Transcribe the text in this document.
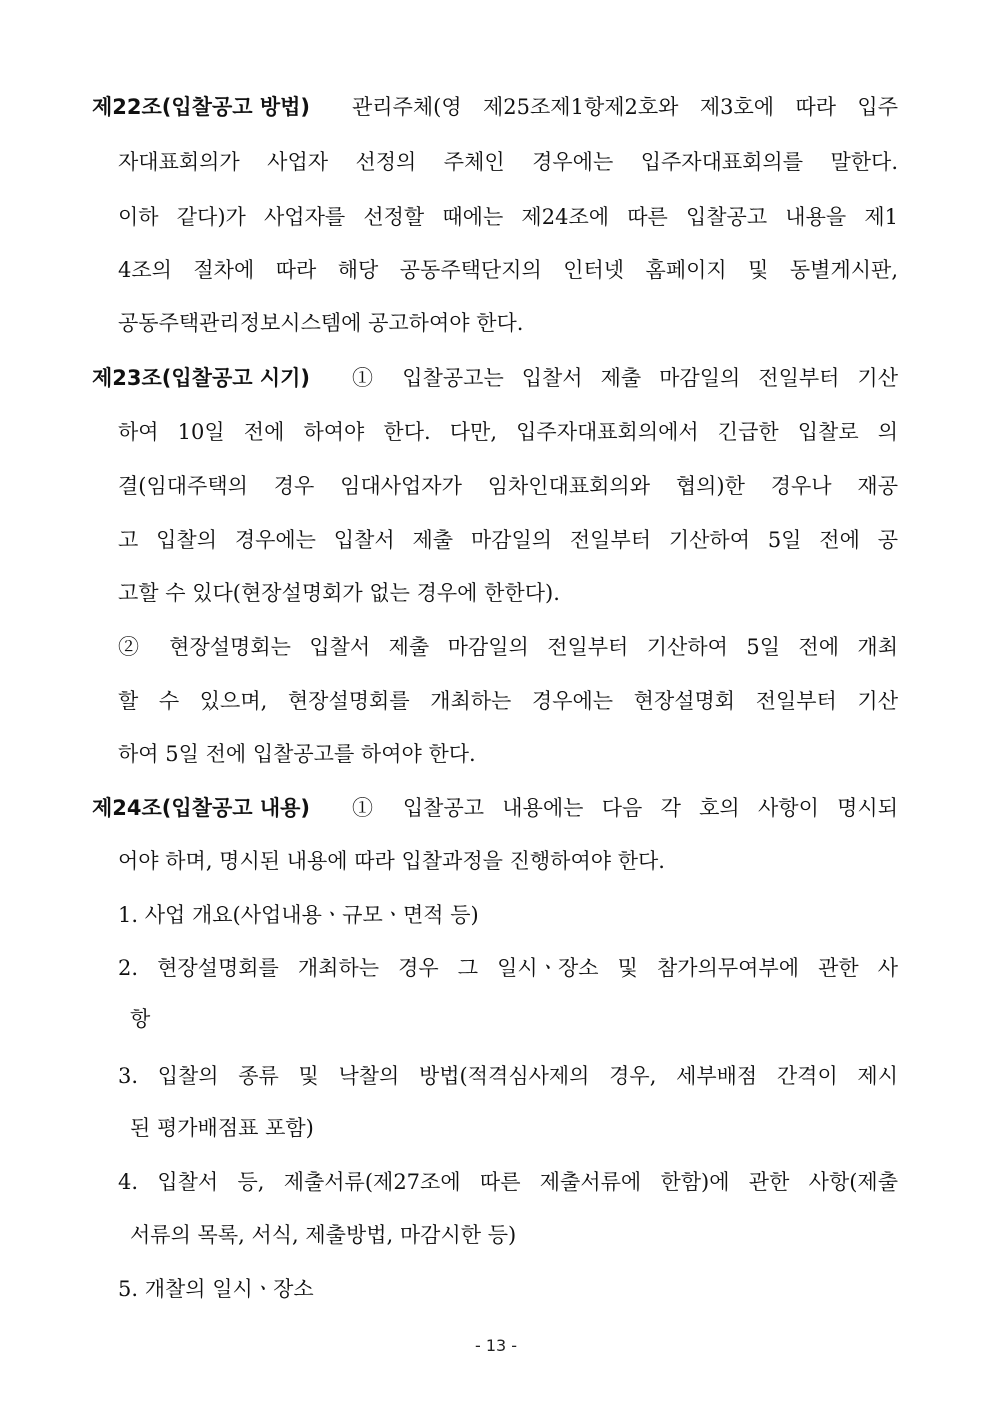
제22조(입찰공고 방법) 관리주체(영 제25조제1항제2호와 제3호에 따라 입주
자대표회의가 사업자 선정의 주체인 경우에는 입주자대표회의를 말한다.
이하 같다)가 사업자를 선정할 때에는 제24조에 따른 입찰공고 내용을 제1
4조의 절차에 따라 해당 공동주택단지의 인터넷 홈페이지 및 동별게시판,
공동주택관리정보시스템에 공고하여야 한다.
제23조(입찰공고 시기) ① 입찰공고는 입찰서 제출 마감일의 전일부터 기산
하여 10일 전에 하여야 한다. 다만, 입주자대표회의에서 긴급한 입찰로 의
결(임대주택의 경우 임대사업자가 임차인대표회의와 협의)한 경우나 재공
고 입찰의 경우에는 입찰서 제출 마감일의 전일부터 기산하여 5일 전에 공
고할 수 있다(현장설명회가 없는 경우에 한한다).
② 현장설명회는 입찰서 제출 마감일의 전일부터 기산하여 5일 전에 개최
할 수 있으며, 현장설명회를 개최하는 경우에는 현장설명회 전일부터 기산
하여 5일 전에 입찰공고를 하여야 한다.
제24조(입찰공고 내용) ① 입찰공고 내용에는 다음 각 호의 사항이 명시되
어야 하며, 명시된 내용에 따라 입찰과정을 진행하여야 한다.
1. 사업 개요(사업내용ㆍ규모ㆍ면적 등)
2. 현장설명회를 개최하는 경우 그 일시ㆍ장소 및 참가의무여부에 관한 사
항
3. 입찰의 종류 및 낙찰의 방법(적격심사제의 경우, 세부배점 간격이 제시
된 평가배점표 포함)
4. 입찰서 등, 제출서류(제27조에 따른 제출서류에 한함)에 관한 사항(제출
서류의 목록, 서식, 제출방법, 마감시한 등)
5. 개찰의 일시ㆍ장소
- 13 -
